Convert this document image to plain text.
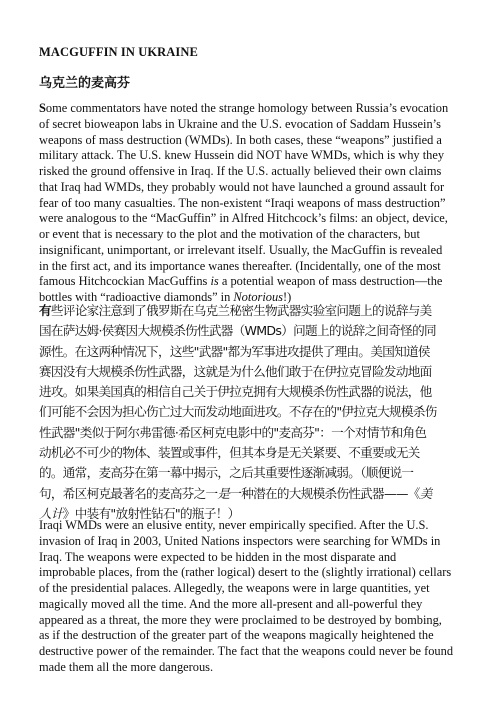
MACGUFFIN IN UKRAINE
乌克兰的麦高芬
Some commentators have noted the strange homology between Russia’s evocation
of secret bioweapon labs in Ukraine and the U.S. evocation of Saddam Hussein’s
weapons of mass destruction (WMDs). In both cases, these “weapons” justified a
military attack. The U.S. knew Hussein did NOT have WMDs, which is why they
risked the ground offensive in Iraq. If the U.S. actually believed their own claims
that Iraq had WMDs, they probably would not have launched a ground assault for
fear of too many casualties. The non-existent “Iraqi weapons of mass destruction”
were analogous to the “MacGuffin” in Alfred Hitchcock’s films: an object, device,
or event that is necessary to the plot and the motivation of the characters, but
insignificant, unimportant, or irrelevant itself. Usually, the MacGuffin is revealed
in the first act, and its importance wanes thereafter. (Incidentally, one of the most
famous Hitchcockian MacGuffins is a potential weapon of mass destruction—the
bottles with “radioactive diamonds” in Notorious!)
有些评论家注意到了俄罗斯在乌克兰秘密生物武器实验室问题上的说辞与美
国在萨达姆·侯赛因大规模杀伤性武器（WMDs）问题上的说辞之间奇怪的同
源性。在这两种情况下，这些"武器"都为军事进攻提供了理由。美国知道侯
赛因没有大规模杀伤性武器，这就是为什么他们敢于在伊拉克冒险发动地面
进攻。如果美国真的相信自己关于伊拉克拥有大规模杀伤性武器的说法，他
们可能不会因为担心伤亡过大而发动地面进攻。不存在的"伊拉克大规模杀伤
性武器"类似于阿尔弗雷德·希区柯克电影中的"麦高芬"：一个对情节和角色
动机必不可少的物体、装置或事件，但其本身是无关紧要、不重要或无关
的。通常，麦高芬在第一幕中揭示，之后其重要性逐渐减弱。（顺便说一
句，希区柯克最著名的麦高芬之一是一种潜在的大规模杀伤性武器——《美
人计》中装有"放射性钻石"的瓶子！）
Iraqi WMDs were an elusive entity, never empirically specified. After the U.S.
invasion of Iraq in 2003, United Nations inspectors were searching for WMDs in
Iraq. The weapons were expected to be hidden in the most disparate and
improbable places, from the (rather logical) desert to the (slightly irrational) cellars
of the presidential palaces. Allegedly, the weapons were in large quantities, yet
magically moved all the time. And the more all-present and all-powerful they
appeared as a threat, the more they were proclaimed to be destroyed by bombing,
as if the destruction of the greater part of the weapons magically heightened the
destructive power of the remainder. The fact that the weapons could never be found
made them all the more dangerous.
